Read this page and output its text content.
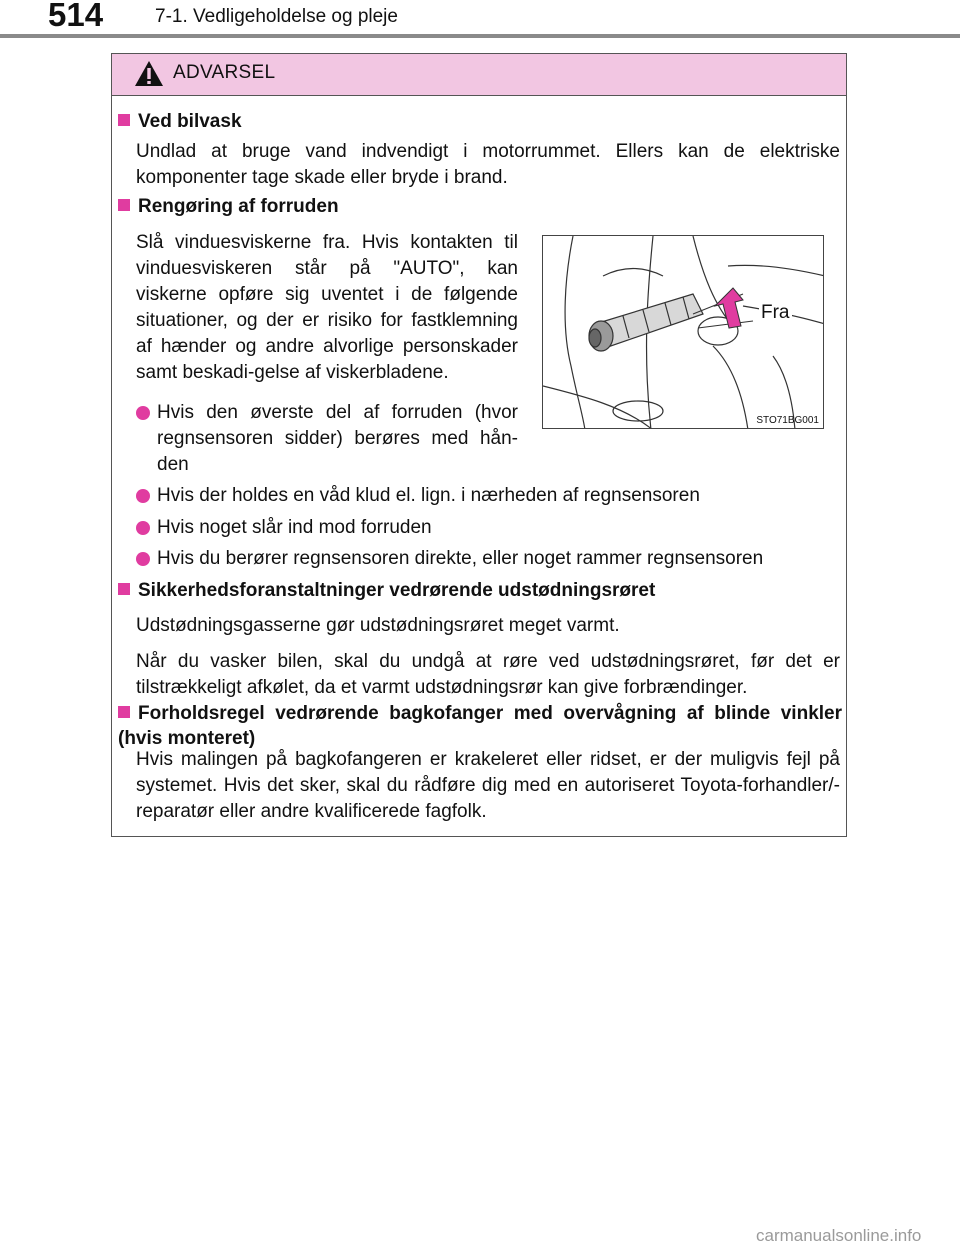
514	7-1. Vedligeholdelse og pleje
ADVARSEL
Ved bilvask
Undlad at bruge vand indvendigt i motorrummet. Ellers kan de elektriske komponenter tage skade eller bryde i brand.
Rengøring af forruden
Slå vinduesviskerne fra. Hvis kontakten til vinduesviskeren står på "AUTO", kan viskerne opføre sig uventet i de følgende situationer, og der er risiko for fastklemning af hænder og andre alvorlige personskader samt beskadi-gelse af viskerbladene.
Hvis den øverste del af forruden (hvor regnsensoren sidder) berøres med hån-den
Hvis der holdes en våd klud el. lign. i nærheden af regnsensoren
Hvis noget slår ind mod forruden
Hvis du berører regnsensoren direkte, eller noget rammer regnsensoren
Fra
STO71BG001
Sikkerhedsforanstaltninger vedrørende udstødningsrøret
Udstødningsgasserne gør udstødningsrøret meget varmt.
Når du vasker bilen, skal du undgå at røre ved udstødningsrøret, før det er tilstrækkeligt afkølet, da et varmt udstødningsrør kan give forbrændinger.
Forholdsregel vedrørende bagkofanger med overvågning af blinde vinkler (hvis monteret)
Hvis malingen på bagkofangeren er krakeleret eller ridset, er der muligvis fejl på systemet. Hvis det sker, skal du rådføre dig med en autoriseret Toyota-forhandler/-reparatør eller andre kvalificerede fagfolk.
carmanualsonline.info
